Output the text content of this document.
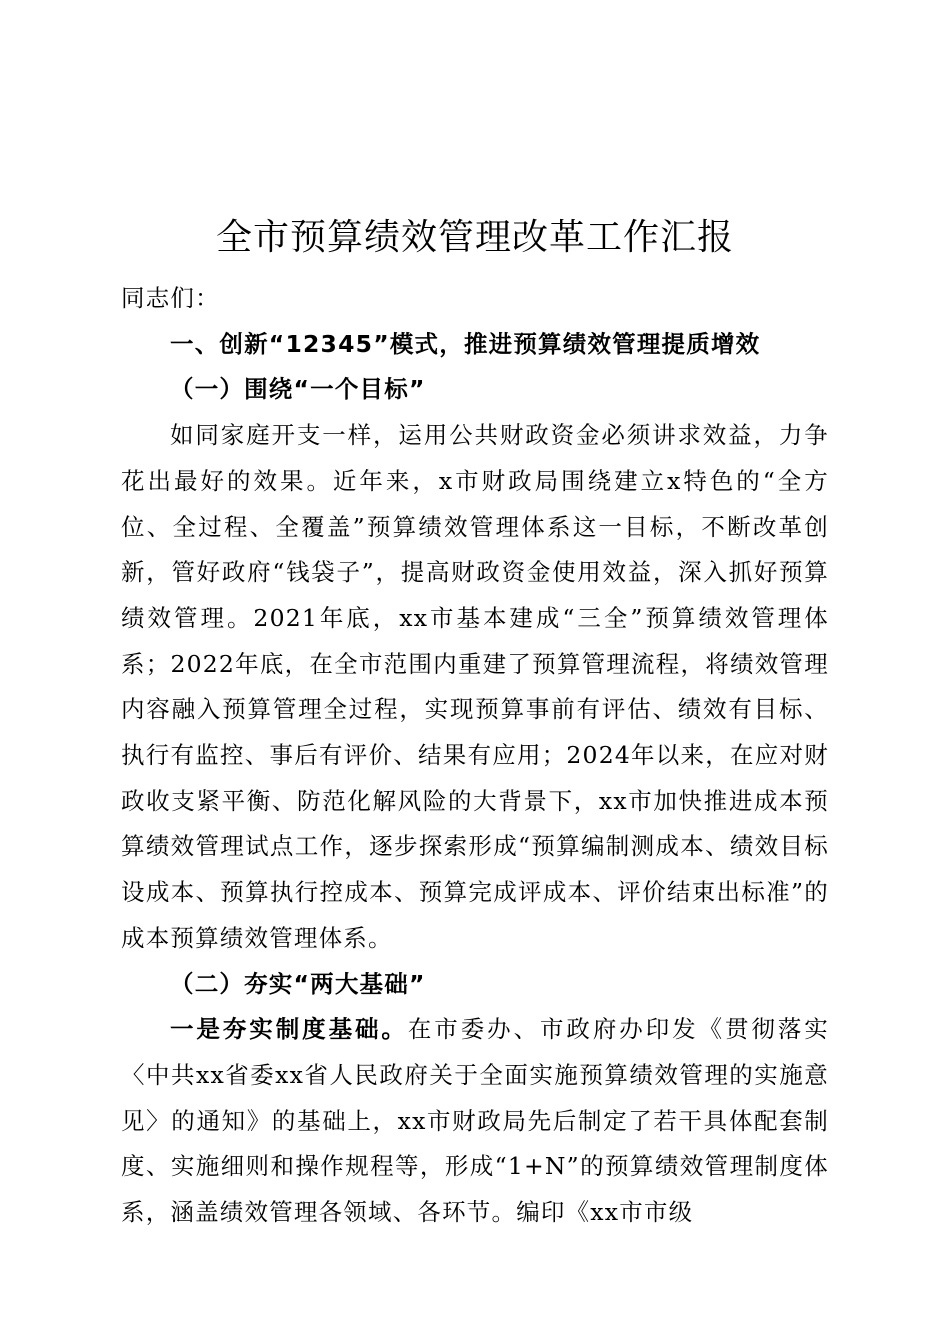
全市预算绩效管理改革工作汇报

同志们：

一、创新“12345”模式，推进预算绩效管理提质增效

（一）围绕“一个目标”

如同家庭开支一样，运用公共财政资金必须讲求效益，力争花出最好的效果。近年来，x市财政局围绕建立x特色的“全方位、全过程、全覆盖”预算绩效管理体系这一目标，不断改革创新，管好政府“钱袋子”，提高财政资金使用效益，深入抓好预算绩效管理。2021年底，xx市基本建成“三全”预算绩效管理体系；2022年底，在全市范围内重建了预算管理流程，将绩效管理内容融入预算管理全过程，实现预算事前有评估、绩效有目标、执行有监控、事后有评价、结果有应用；2024年以来，在应对财政收支紧平衡、防范化解风险的大背景下，xx市加快推进成本预算绩效管理试点工作，逐步探索形成“预算编制测成本、绩效目标设成本、预算执行控成本、预算完成评成本、评价结束出标准”的成本预算绩效管理体系。

（二）夯实“两大基础”

一是夯实制度基础。在市委办、市政府办印发《贯彻落实〈中共xx省委xx省人民政府关于全面实施预算绩效管理的实施意见〉的通知》的基础上，xx市财政局先后制定了若干具体配套制度、实施细则和操作规程等，形成“1+N”的预算绩效管理制度体系，涵盖绩效管理各领域、各环节。编印《xx市市级
